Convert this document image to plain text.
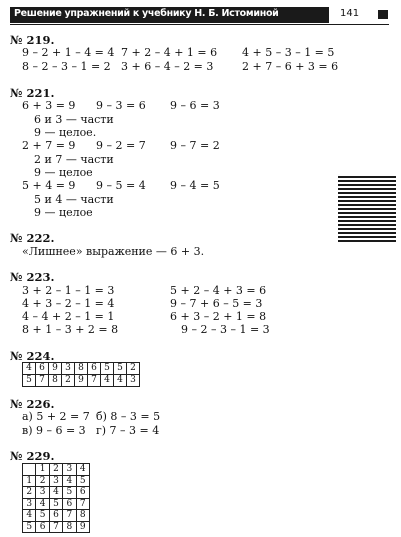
Решение упражнений к учебнику Н. Б. Истоминой	141
№ 219.
9 – 2 + 1 – 4 = 4 7 + 2 – 4 + 1 = 6 4 + 5 – 3 – 1 = 5
8 – 2 – 3 – 1 = 2 3 + 6 – 4 – 2 = 3	2 + 7 – 6 + 3 = 6
№ 221.
6 + 3 = 9 9 – 3 = 6 9 – 6 = 3
6 и 3 — части
9 — целое.
2 + 7 = 9 9 – 2 = 7 9 – 7 = 2
2 и 7 — части
9 — целое
5 + 4 = 9 9 – 5 = 4 9 – 4 = 5
5 и 4 — части
9 — целое
№ 222.
«Лишнее» выражение — 6 + 3.
№ 223.
3 + 2 – 1 – 1 = 3
4 + 3 – 2 – 1 = 4
4 – 4 + 2 – 1 = 1
8 + 1 – 3 + 2 = 8
5 + 2 – 4 + 3 = 6
9 – 7 + 6 – 5 = 3
6 + 3 – 2 + 1 = 8
9 – 2 – 3 – 1 = 3
№ 224.
4	6	9	3	8	6	5	5	2
5	7	8	2	9	7	4	4	3
№ 226.
а) 5 + 2 = 7 б) 8 – 3 = 5
в) 9 – 6 = 3 г) 7 – 3 = 4
№ 229.
	1	2	3	4
1	2	3	4	5
2	3	4	5	6
3	4	5	6	7
4	5	6	7	8
5	6	7	8	9
